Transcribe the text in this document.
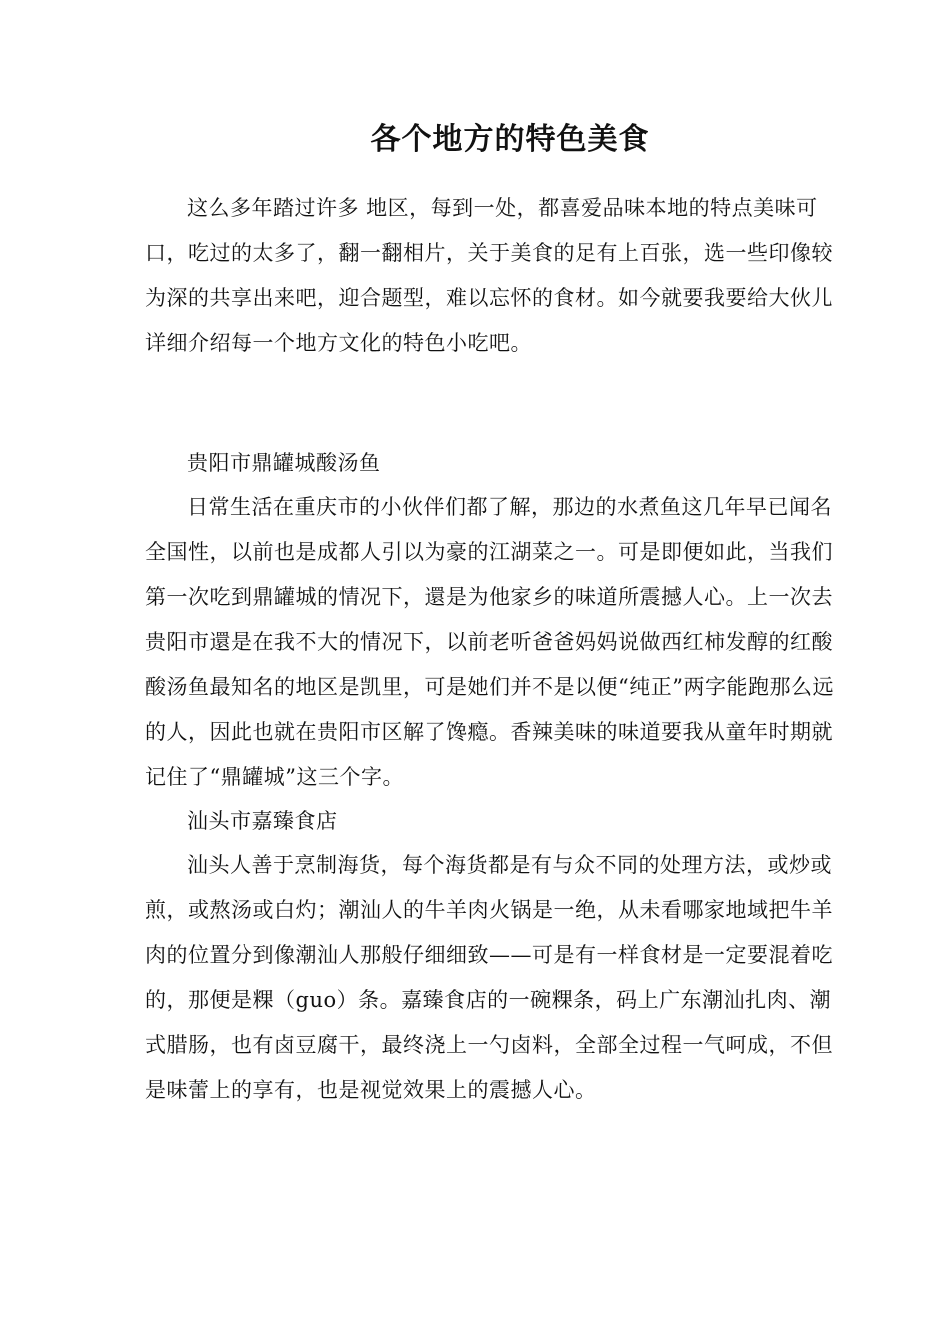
各个地方的特色美食

这么多年踏过许多 地区，每到一处，都喜爱品味本地的特点美味可口，吃过的太多了，翻一翻相片，关于美食的足有上百张，选一些印像较为深的共享出来吧，迎合题型，难以忘怀的食材。如今就要我要给大伙儿详细介绍每一个地方文化的特色小吃吧。

贵阳市鼎罐城酸汤鱼

日常生活在重庆市的小伙伴们都了解，那边的水煮鱼这几年早已闻名全国性，以前也是成都人引以为豪的江湖菜之一。可是即便如此，当我们第一次吃到鼎罐城的情况下，還是为他家乡的味道所震撼人心。上一次去贵阳市還是在我不大的情况下，以前老听爸爸妈妈说做西红柿发醇的红酸酸汤鱼最知名的地区是凯里，可是她们并不是以便“纯正”两字能跑那么远的人，因此也就在贵阳市区解了馋瘾。香辣美味的味道要我从童年时期就记住了“鼎罐城”这三个字。

汕头市嘉臻食店

汕头人善于烹制海货，每个海货都是有与众不同的处理方法，或炒或煎，或熬汤或白灼；潮汕人的牛羊肉火锅是一绝，从未看哪家地域把牛羊肉的位置分到像潮汕人那般仔细细致——可是有一样食材是一定要混着吃的，那便是粿（guo）条。嘉臻食店的一碗粿条，码上广东潮汕扎肉、潮式腊肠，也有卤豆腐干，最终浇上一勺卤料，全部全过程一气呵成，不但是味蕾上的享有，也是视觉效果上的震撼人心。
